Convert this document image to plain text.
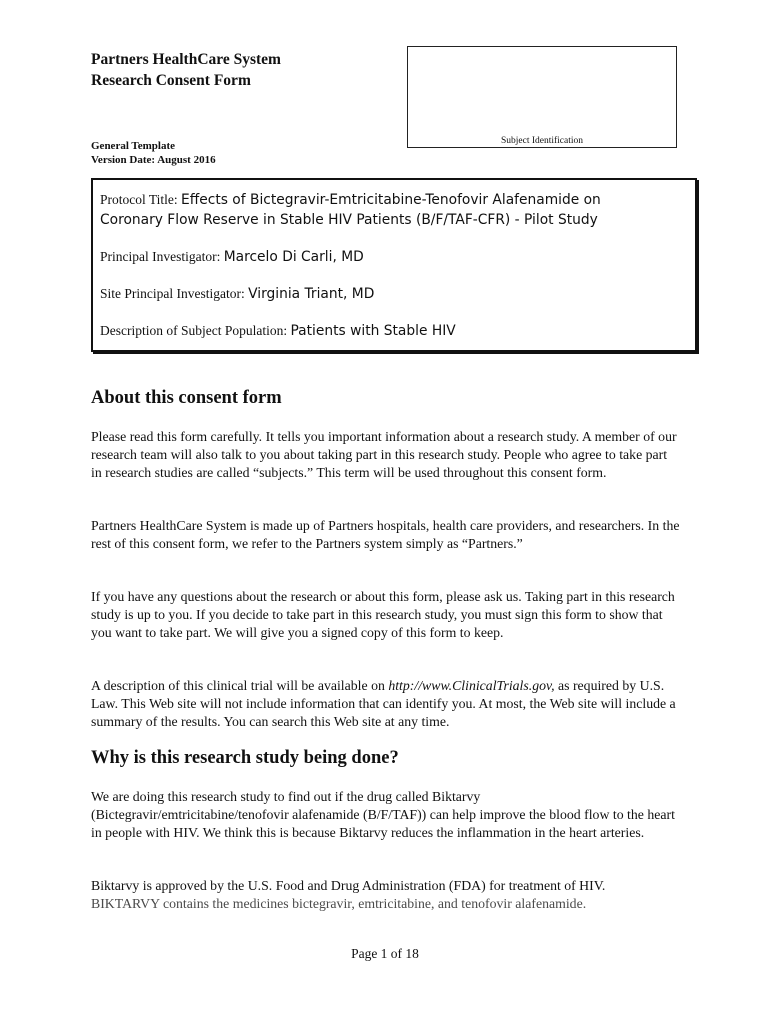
Partners HealthCare System
Research Consent Form
General Template
Version Date: August 2016
Subject Identification
Protocol Title: Effects of Bictegravir-Emtricitabine-Tenofovir Alafenamide on
Coronary Flow Reserve in Stable HIV Patients (B/F/TAF-CFR) - Pilot Study
Principal Investigator: Marcelo Di Carli, MD
Site Principal Investigator: Virginia Triant, MD
Description of Subject Population: Patients with Stable HIV
About this consent form

Please read this form carefully. It tells you important information about a research study. A member of our research team will also talk to you about taking part in this research study. People who agree to take part in research studies are called “subjects.” This term will be used throughout this consent form.

Partners HealthCare System is made up of Partners hospitals, health care providers, and researchers. In the rest of this consent form, we refer to the Partners system simply as “Partners.”

If you have any questions about the research or about this form, please ask us. Taking part in this research study is up to you. If you decide to take part in this research study, you must sign this form to show that you want to take part. We will give you a signed copy of this form to keep.

A description of this clinical trial will be available on http://www.ClinicalTrials.gov, as required by U.S. Law. This Web site will not include information that can identify you. At most, the Web site will include a summary of the results. You can search this Web site at any time.

Why is this research study being done?

We are doing this research study to find out if the drug called Biktarvy (Bictegravir/emtricitabine/tenofovir alafenamide (B/F/TAF)) can help improve the blood flow to the heart in people with HIV. We think this is because Biktarvy reduces the inflammation in the heart arteries.

Biktarvy is approved by the U.S. Food and Drug Administration (FDA) for treatment of HIV.

BIKTARVY contains the medicines bictegravir, emtricitabine, and tenofovir alafenamide.

Page 1 of 18
